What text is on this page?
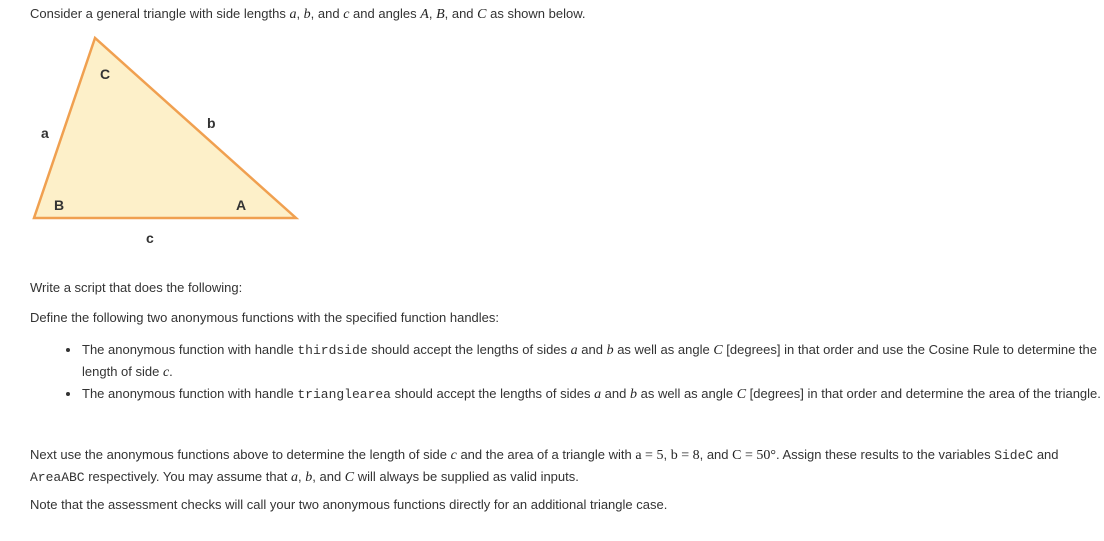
Consider a general triangle with side lengths a, b, and c and angles A, B, and C as shown below.
C
a
b
B	A
c
Write a script that does the following:
Define the following two anonymous functions with the specified function handles:
The anonymous function with handle thirdside should accept the lengths of sides a and b as well as angle C [degrees] in that order and use the Cosine Rule to determine the length of side c.
The anonymous function with handle trianglearea should accept the lengths of sides a and b as well as angle C [degrees] in that order and determine the area of the triangle.
Next use the anonymous functions above to determine the length of side c and the area of a triangle with a = 5, b = 8, and C = 50°. Assign these results to the variables SideC and AreaABC respectively. You may assume that a, b, and C will always be supplied as valid inputs.
Note that the assessment checks will call your two anonymous functions directly for an additional triangle case.
